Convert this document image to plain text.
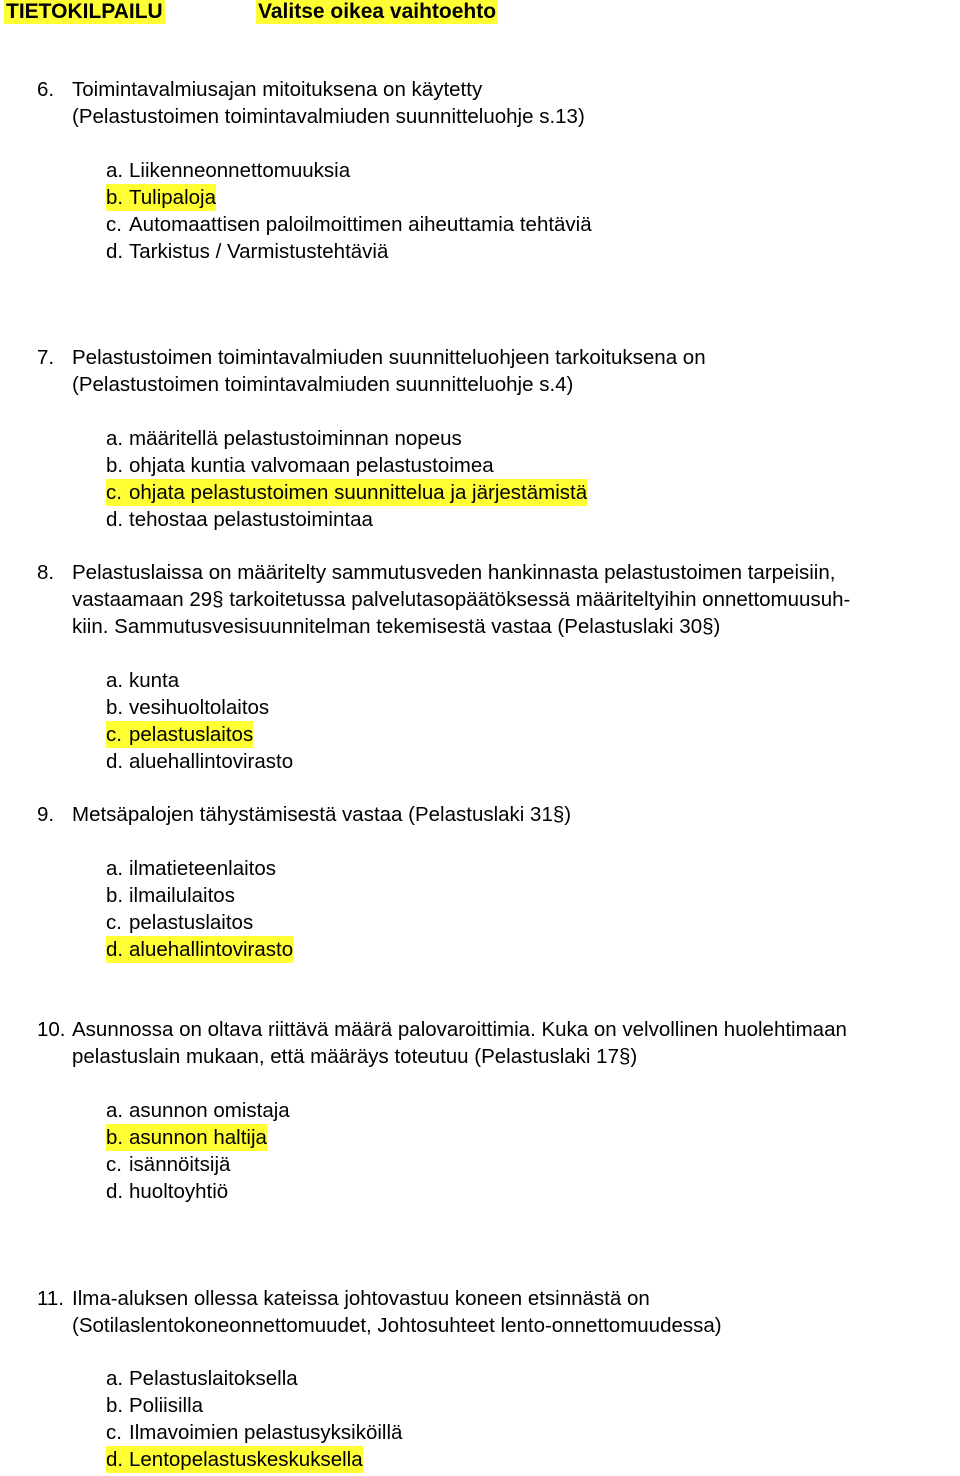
TIETOKILPAILU	Valitse oikea vaihtoehto
6. Toimintavalmiusajan mitoituksena on käytetty
(Pelastustoimen toimintavalmiuden suunnitteluohje s.13)
a. Liikenneonnettomuuksia
b. Tulipaloja
c. Automaattisen paloilmoittimen aiheuttamia tehtäviä
d. Tarkistus / Varmistustehtäviä
7. Pelastustoimen toimintavalmiuden suunnitteluohjeen tarkoituksena on
(Pelastustoimen toimintavalmiuden suunnitteluohje s.4)
a. määritellä pelastustoiminnan nopeus
b. ohjata kuntia valvomaan pelastustoimea
c. ohjata pelastustoimen suunnittelua ja järjestämistä
d. tehostaa pelastustoimintaa
8. Pelastuslaissa on määritelty sammutusveden hankinnasta pelastustoimen tarpeisiin,
vastaamaan 29§ tarkoitetussa palvelutasopäätöksessä määriteltyihin onnettomuusuh-
kiin. Sammutusvesisuunnitelman tekemisestä vastaa (Pelastuslaki 30§)
a. kunta
b. vesihuoltolaitos
c. pelastuslaitos
d. aluehallintovirasto
9. Metsäpalojen tähystämisestä vastaa (Pelastuslaki 31§)
a. ilmatieteenlaitos
b. ilmailulaitos
c. pelastuslaitos
d. aluehallintovirasto
10. Asunnossa on oltava riittävä määrä palovaroittimia. Kuka on velvollinen huolehtimaan
pelastuslain mukaan, että määräys toteutuu (Pelastuslaki 17§)
a. asunnon omistaja
b. asunnon haltija
c. isännöitsijä
d. huoltoyhtiö
11. Ilma-aluksen ollessa kateissa johtovastuu koneen etsinnästä on
(Sotilaslentokoneonnettomuudet, Johtosuhteet lento-onnettomuudessa)
a. Pelastuslaitoksella
b. Poliisilla
c. Ilmavoimien pelastusyksiköillä
d. Lentopelastuskeskuksella
